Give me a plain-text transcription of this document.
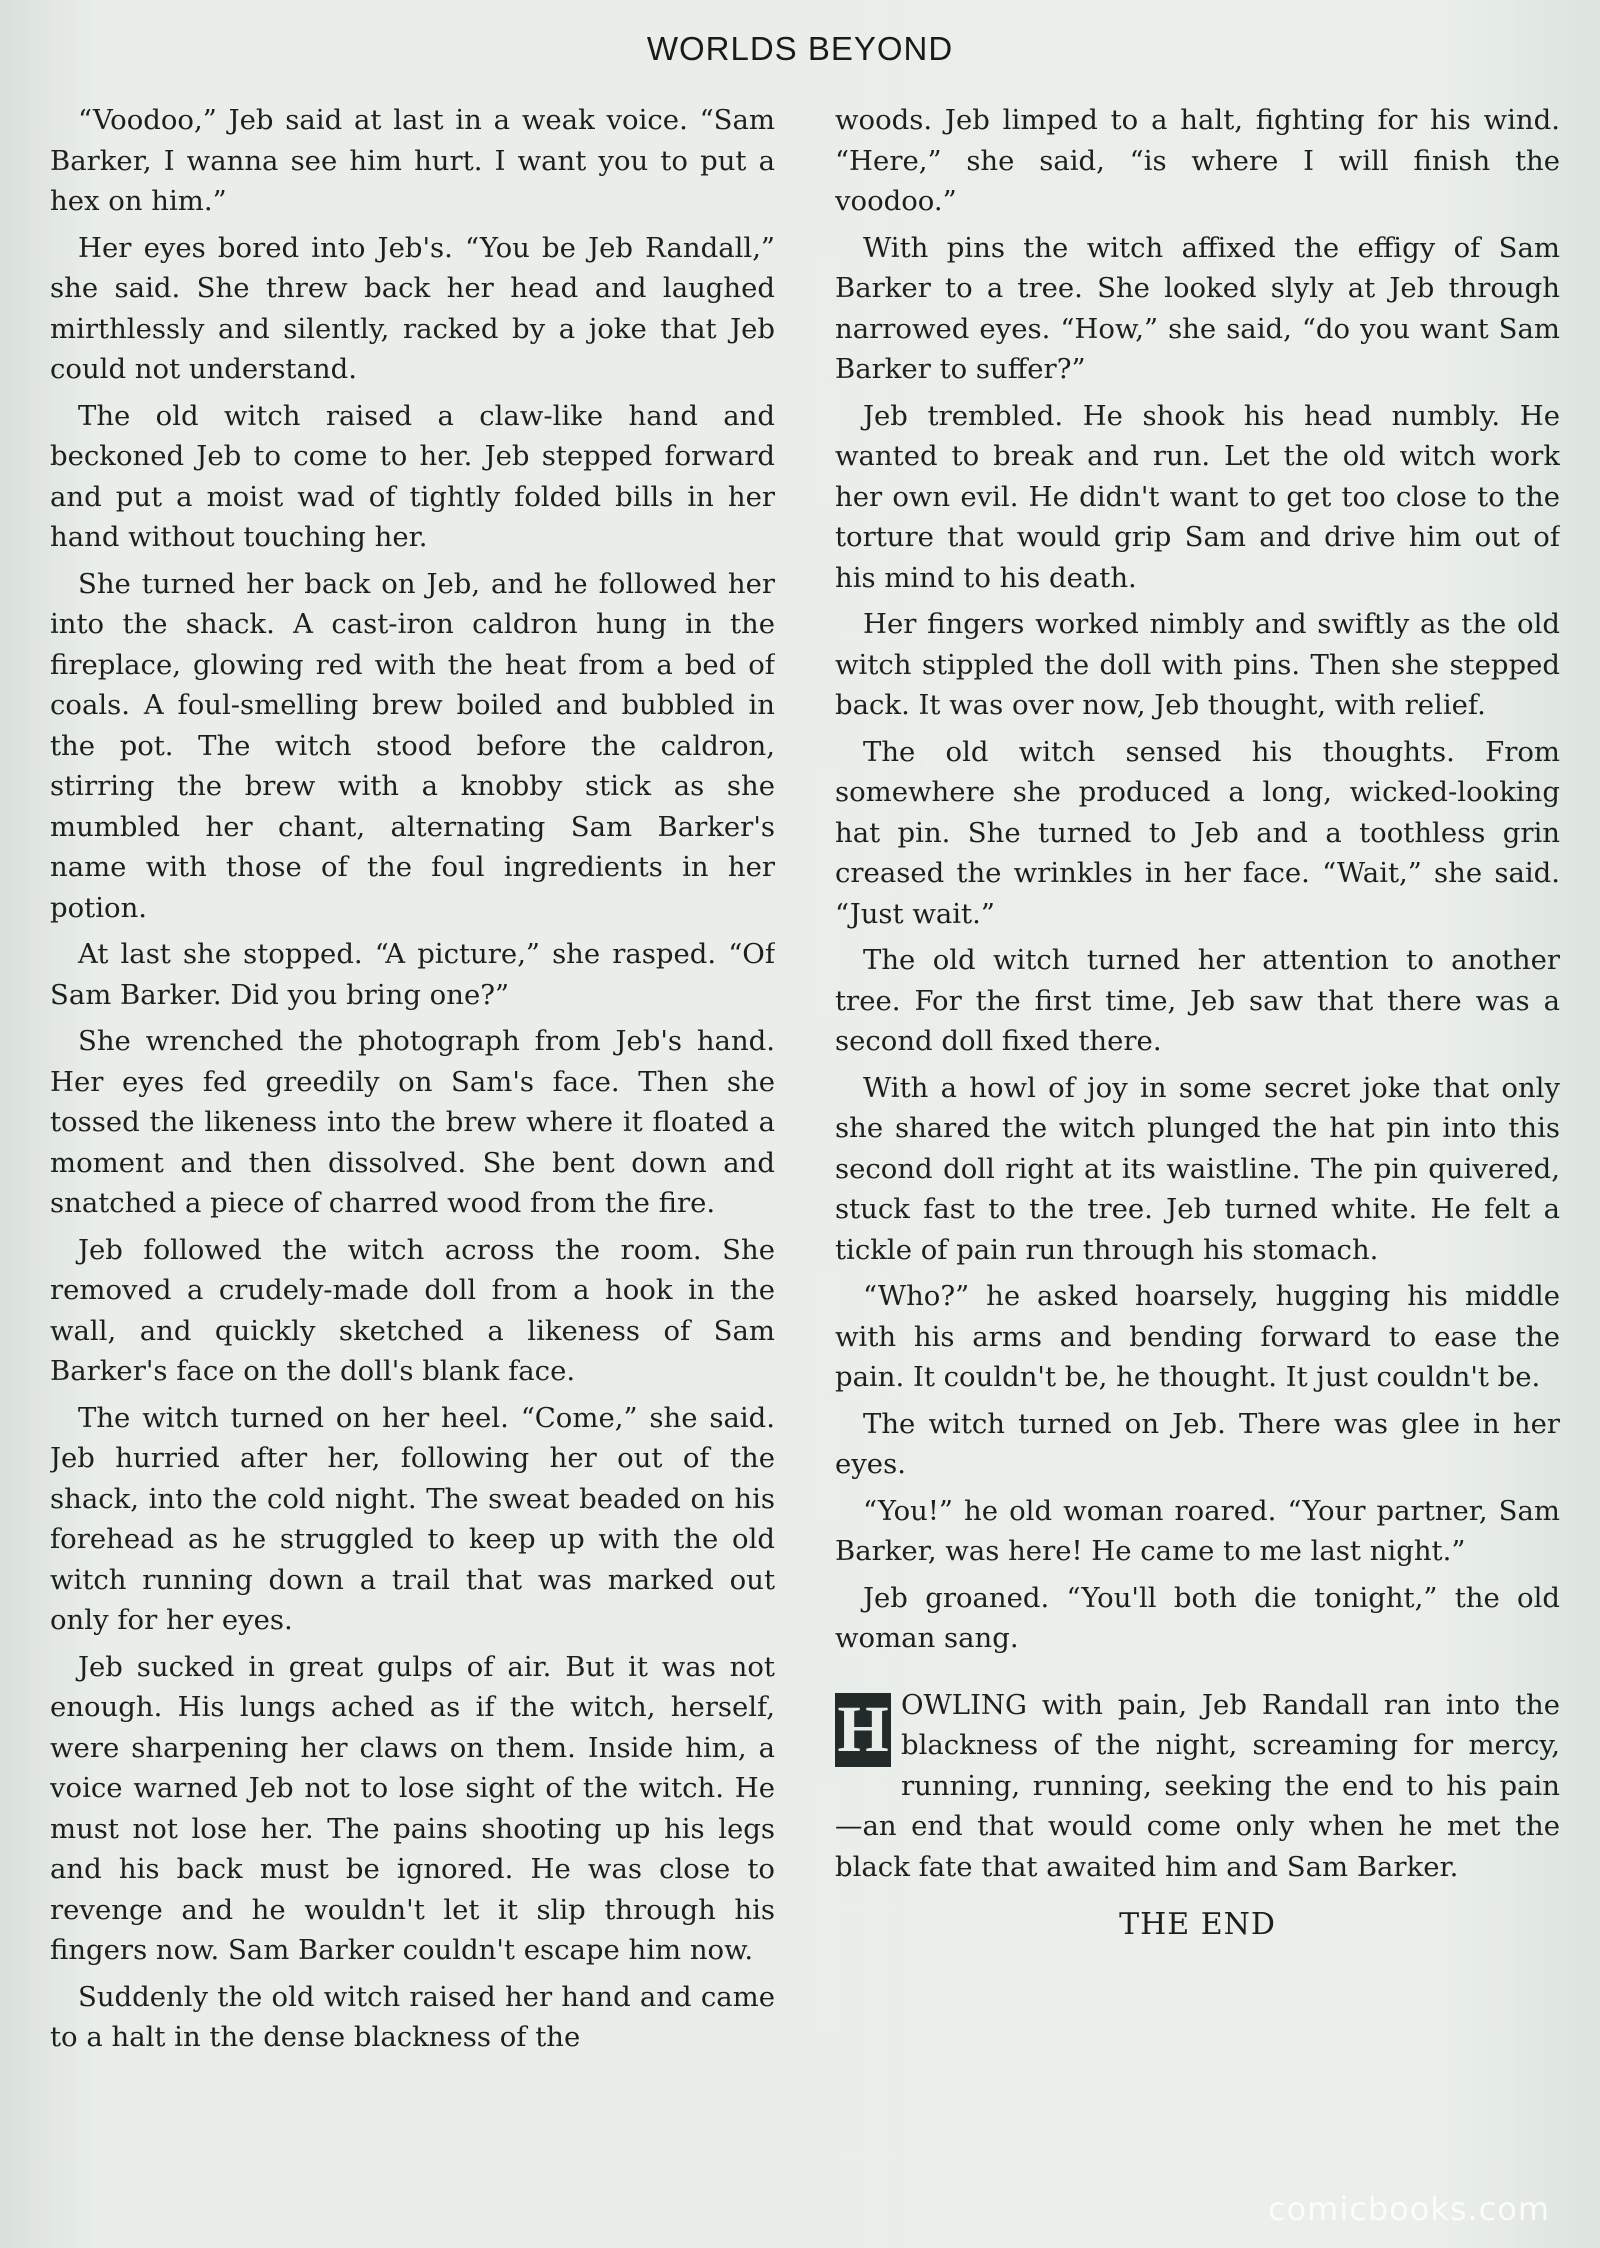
WORLDS BEYOND

“Voodoo,” Jeb said at last in a weak voice. “Sam Barker, I wanna see him hurt. I want you to put a hex on him.”

Her eyes bored into Jeb's. “You be Jeb Randall,” she said. She threw back her head and laughed mirthlessly and silently, racked by a joke that Jeb could not understand.

The old witch raised a claw-like hand and beckoned Jeb to come to her. Jeb stepped forward and put a moist wad of tightly folded bills in her hand without touching her.

She turned her back on Jeb, and he followed her into the shack. A cast-iron caldron hung in the fireplace, glowing red with the heat from a bed of coals. A foul-smelling brew boiled and bubbled in the pot. The witch stood before the caldron, stirring the brew with a knobby stick as she mumbled her chant, alternating Sam Barker's name with those of the foul ingredients in her potion.

At last she stopped. “A picture,” she rasped. “Of Sam Barker. Did you bring one?”

She wrenched the photograph from Jeb's hand. Her eyes fed greedily on Sam's face. Then she tossed the likeness into the brew where it floated a moment and then dissolved. She bent down and snatched a piece of charred wood from the fire.

Jeb followed the witch across the room. She removed a crudely-made doll from a hook in the wall, and quickly sketched a likeness of Sam Barker's face on the doll's blank face.

The witch turned on her heel. “Come,” she said. Jeb hurried after her, following her out of the shack, into the cold night. The sweat beaded on his forehead as he struggled to keep up with the old witch running down a trail that was marked out only for her eyes.

Jeb sucked in great gulps of air. But it was not enough. His lungs ached as if the witch, herself, were sharpening her claws on them. Inside him, a voice warned Jeb not to lose sight of the witch. He must not lose her. The pains shooting up his legs and his back must be ignored. He was close to revenge and he wouldn't let it slip through his fingers now. Sam Barker couldn't escape him now.

Suddenly the old witch raised her hand and came to a halt in the dense blackness of the

woods. Jeb limped to a halt, fighting for his wind. “Here,” she said, “is where I will finish the voodoo.”

With pins the witch affixed the effigy of Sam Barker to a tree. She looked slyly at Jeb through narrowed eyes. “How,” she said, “do you want Sam Barker to suffer?”

Jeb trembled. He shook his head numbly. He wanted to break and run. Let the old witch work her own evil. He didn't want to get too close to the torture that would grip Sam and drive him out of his mind to his death.

Her fingers worked nimbly and swiftly as the old witch stippled the doll with pins. Then she stepped back. It was over now, Jeb thought, with relief.

The old witch sensed his thoughts. From somewhere she produced a long, wicked-looking hat pin. She turned to Jeb and a toothless grin creased the wrinkles in her face. “Wait,” she said. “Just wait.”

The old witch turned her attention to another tree. For the first time, Jeb saw that there was a second doll fixed there.

With a howl of joy in some secret joke that only she shared the witch plunged the hat pin into this second doll right at its waistline. The pin quivered, stuck fast to the tree. Jeb turned white. He felt a tickle of pain run through his stomach.

“Who?” he asked hoarsely, hugging his middle with his arms and bending forward to ease the pain. It couldn't be, he thought. It just couldn't be.

The witch turned on Jeb. There was glee in her eyes.

“You!” he old woman roared. “Your partner, Sam Barker, was here! He came to me last night.”

Jeb groaned. “You'll both die tonight,” the old woman sang.

H OWLING with pain, Jeb Randall ran into the blackness of the night, screaming for mercy, running, running, seeking the end to his pain—an end that would come only when he met the black fate that awaited him and Sam Barker.

THE END
comicbooks.com
